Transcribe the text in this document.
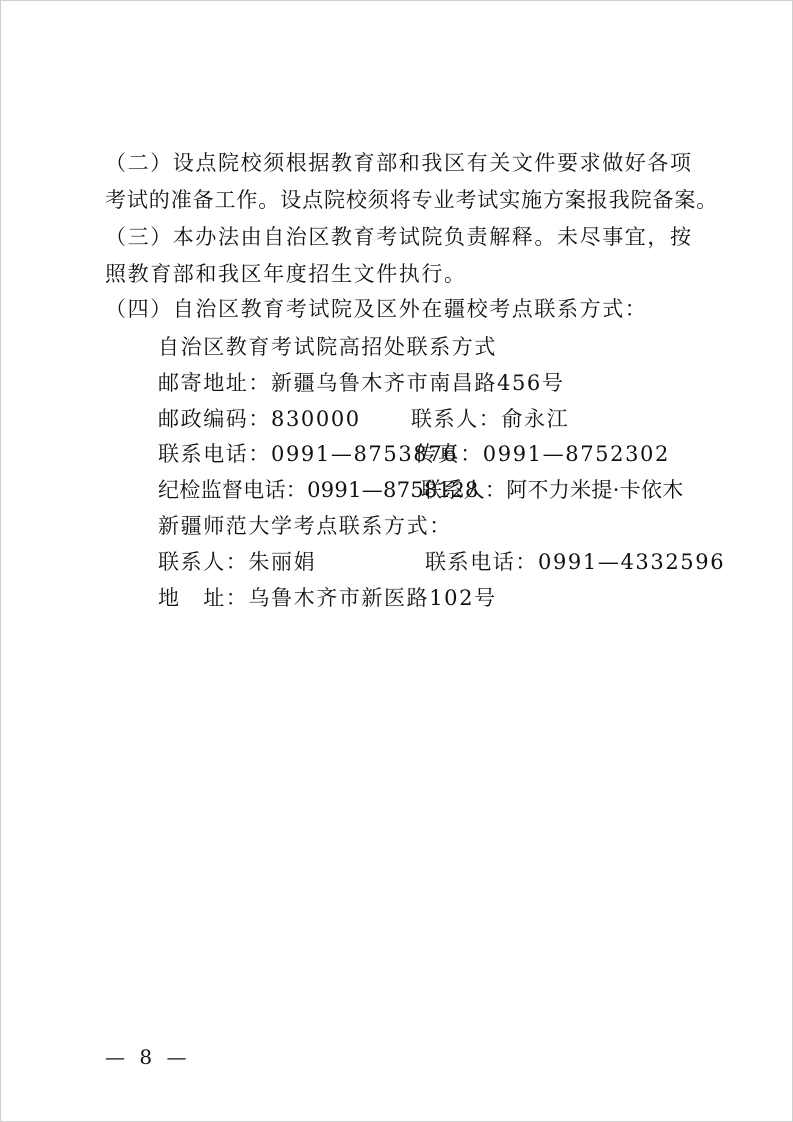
（二）设点院校须根据教育部和我区有关文件要求做好各项
考试的准备工作。设点院校须将专业考试实施方案报我院备案。
（三）本办法由自治区教育考试院负责解释。未尽事宜，按
照教育部和我区年度招生文件执行。
（四）自治区教育考试院及区外在疆校考点联系方式：
自治区教育考试院高招处联系方式
邮寄地址：新疆乌鲁木齐市南昌路456号
邮政编码：830000 联系人：俞永江
联系电话：0991—8753876
传真：0991—8752302
纪检监督电话：0991—8758128
联系人：阿不力米提·卡依木
新疆师范大学考点联系方式：
联系人：朱丽娟	联系电话：0991—4332596
地　址：乌鲁木齐市新医路102号
— 8 —
